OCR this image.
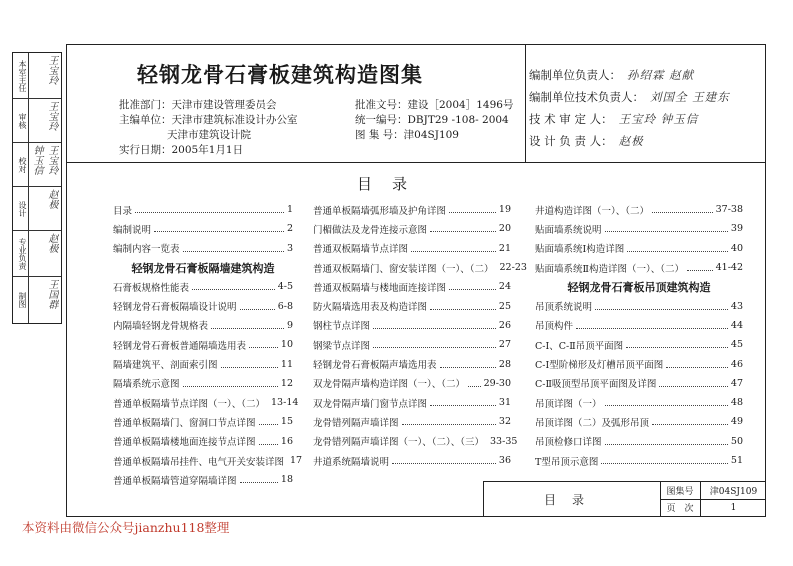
本室主任	王宝玲
审核	王宝玲
校对	王宝玲 钟玉信
设计	赵极
专业负责	赵极
制图	王国群
轻钢龙骨石膏板建筑构造图集
批准部门：天津市建设管理委员会
主编单位：天津市建筑标准设计办公室
天津市建筑设计院
实行日期：2005年1月1日
批准文号：建设［2004］1496号
统一编号：DBJT29 -108- 2004
图 集 号：津04SJ109
编制单位负责人： 孙绍霖 赵献
编制单位技术负责人： 刘国全 王建东
技 术 审 定 人： 王宝玲 钟玉信
设 计 负 责 人： 赵极
目录
目录	1
编制说明	2
编制内容一览表	3
轻钢龙骨石膏板隔墙建筑构造
石膏板规格性能表	4-5
轻钢龙骨石膏板隔墙设计说明	6-8
内隔墙轻钢龙骨规格表	9
轻钢龙骨石膏板普通隔墙选用表	10
隔墙建筑平、剖面索引图	11
隔墙系统示意图	12
普通单板隔墙节点详图（一）、（二） 13-14
普通单板隔墙门、窗洞口节点详图	15
普通单板隔墙楼地面连接节点详图	16
普通单板隔墙吊挂件、电气开关安装详图 17
普通单板隔墙管道穿隔墙详图	18
普通单板隔墙弧形墙及护角详图	19
门楣做法及龙骨连接示意图	20
普通双板隔墙节点详图	21
普通双板隔墙门、窗安装详图（一）、（二） 22-23
普通双板隔墙与楼地面连接详图	24
防火隔墙选用表及构造详图	25
钢柱节点详图	26
钢梁节点详图	27
轻钢龙骨石膏板隔声墙选用表	28
双龙骨隔声墙构造详图（一）、（二） 29-30
双龙骨隔声墙门窗节点详图	31
龙骨错列隔声墙详图	32
龙骨错列隔声墙详图（一）、（二）、（三） 33-35
井道系统隔墙说明	36
井道构造详图（一）、（二）	37-38
贴面墙系统说明	39
贴面墙系统Ⅰ构造详图	40
贴面墙系统Ⅱ构造详图（一）、（二）	41-42
轻钢龙骨石膏板吊顶建筑构造
吊顶系统说明	43
吊顶构件	44
C-Ⅰ、C-Ⅱ吊顶平面图	45
C-Ⅰ型阶梯形及灯槽吊顶平面图	46
C-Ⅱ吸顶型吊顶平面图及详图	47
吊顶详图（一）	48
吊顶详图（二）及弧形吊顶	49
吊顶检修口详图	50
T型吊顶示意图	51
目录
图集号	津04SJ109
页　次	1
本资料由微信公众号jianzhu118整理
